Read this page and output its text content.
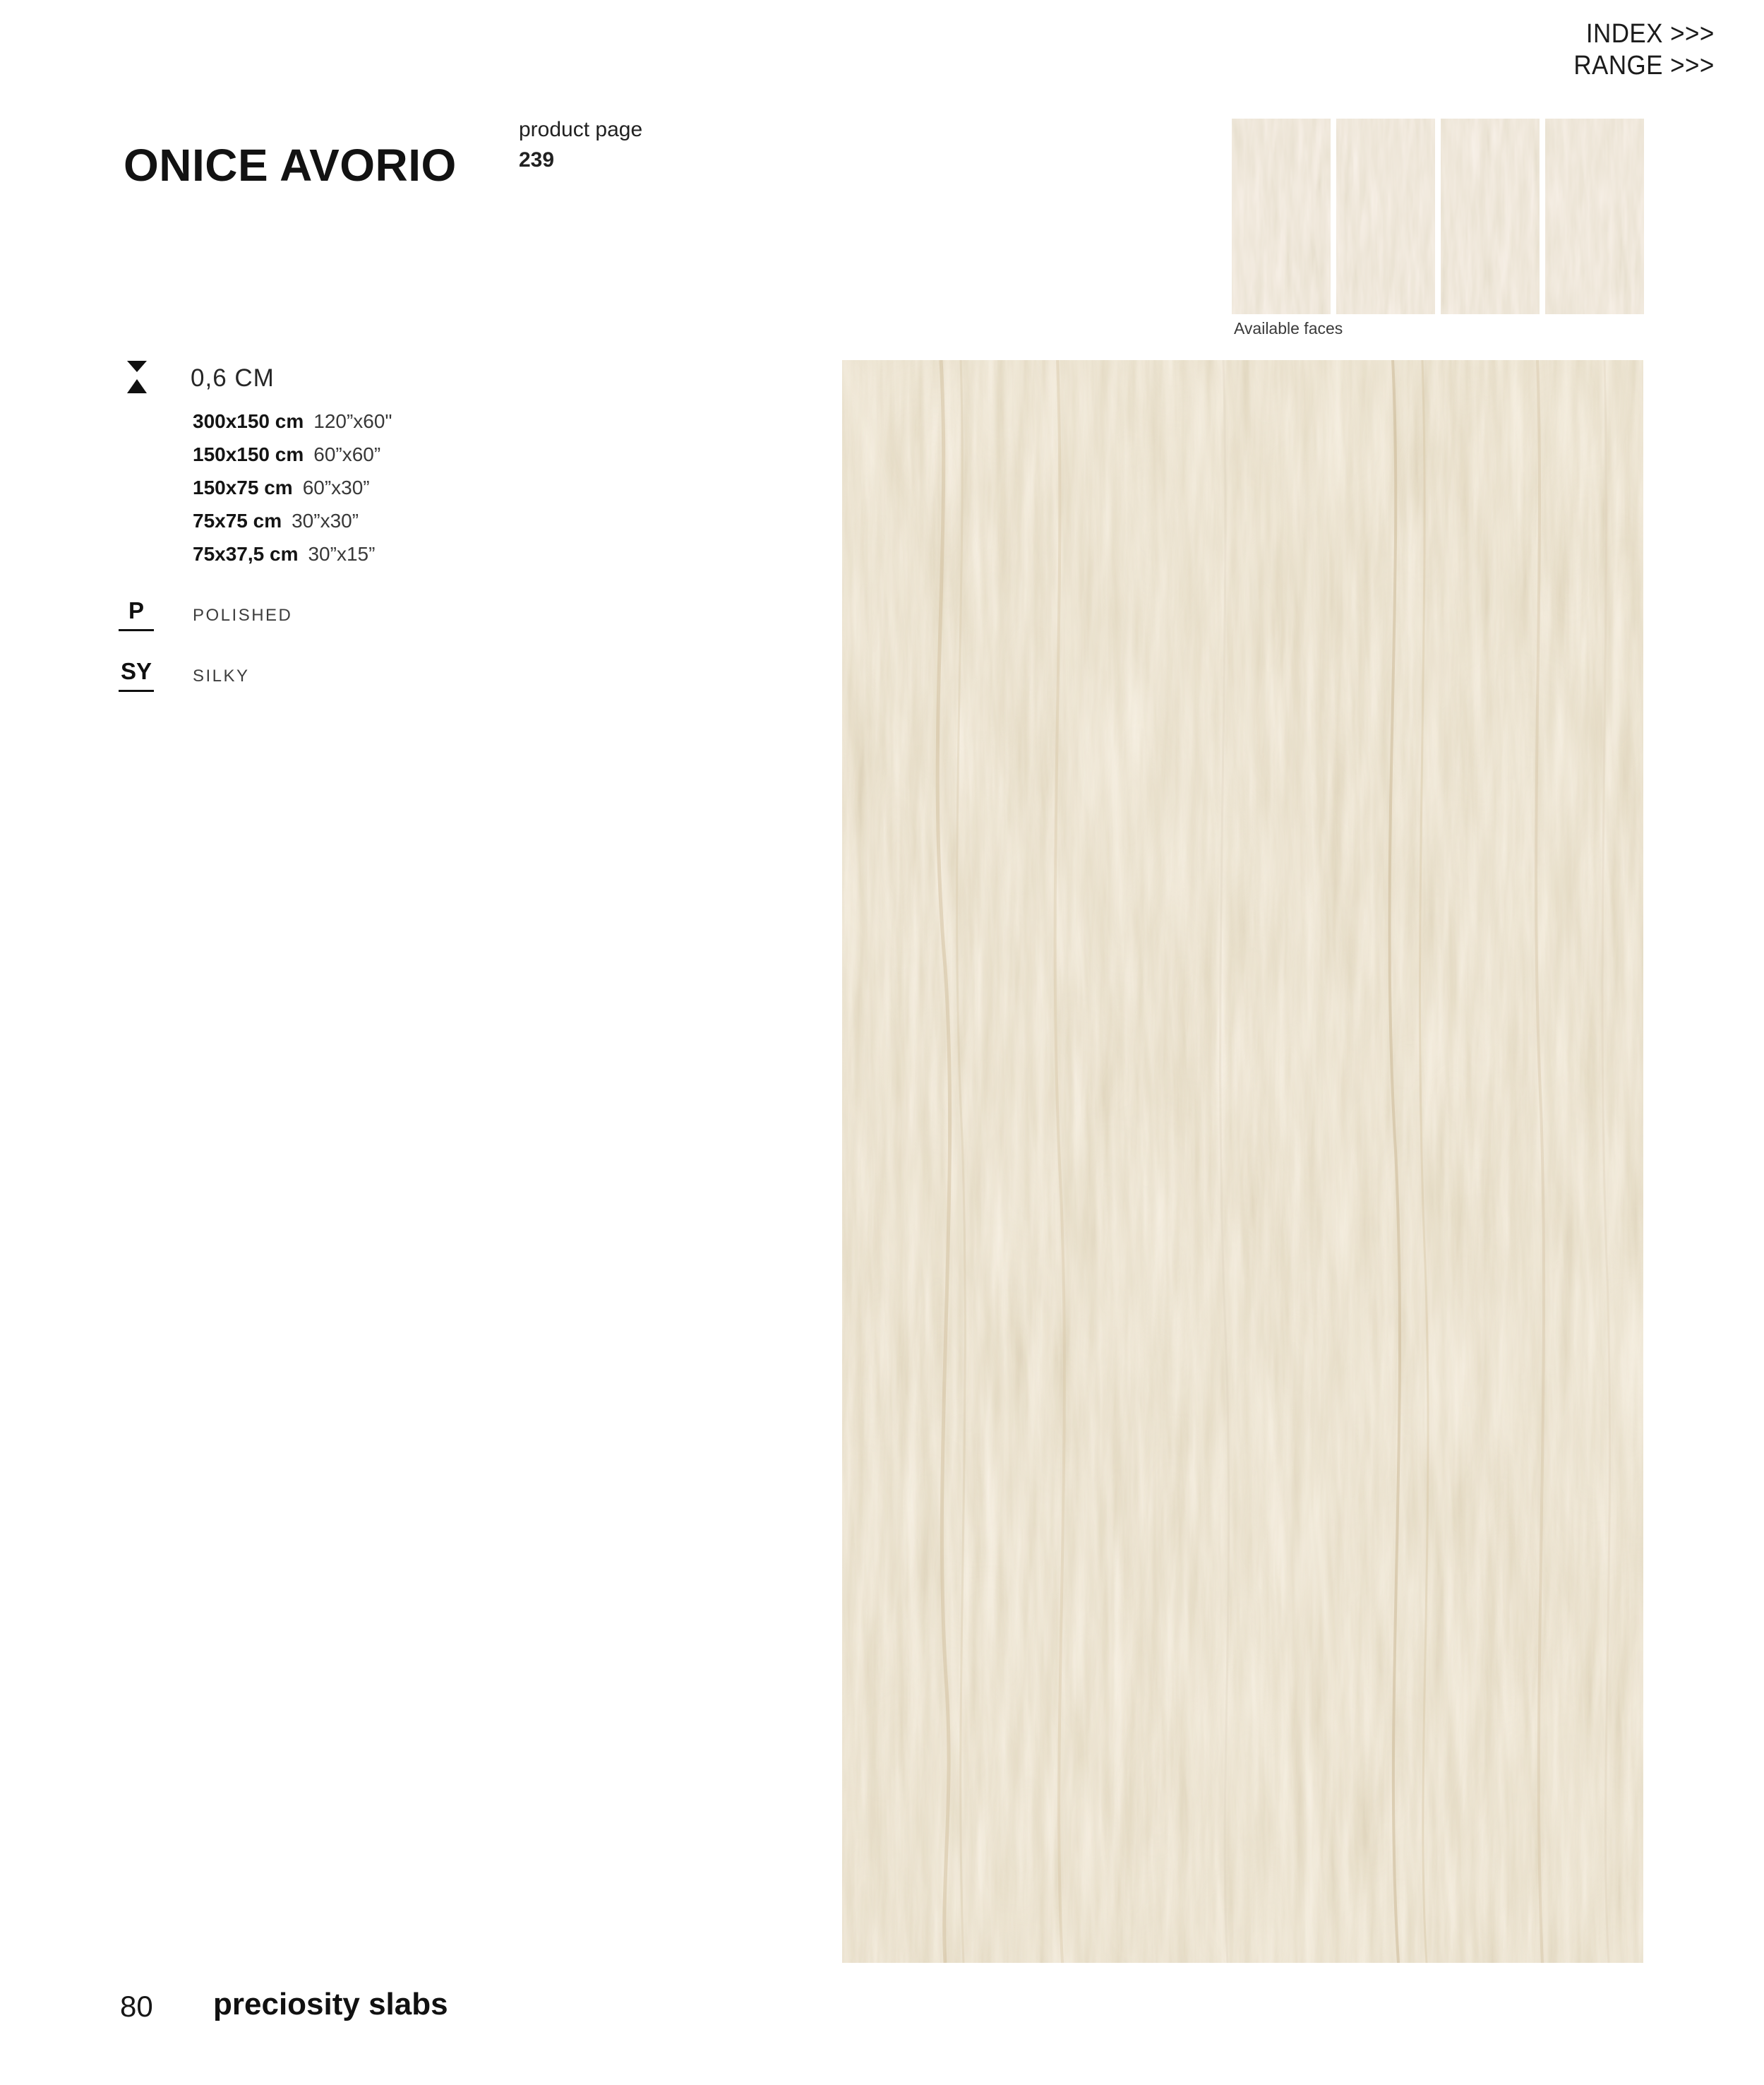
INDEX >>>
RANGE >>>
ONICE AVORIO
product page
239
Available faces
0,6 CM
300x150 cm 120”x60"
150x150 cm 60”x60”
150x75 cm 60”x30”
75x75 cm 30”x30”
75x37,5 cm 30”x15”
P	POLISHED
SY SILKY
80 preciosity slabs
